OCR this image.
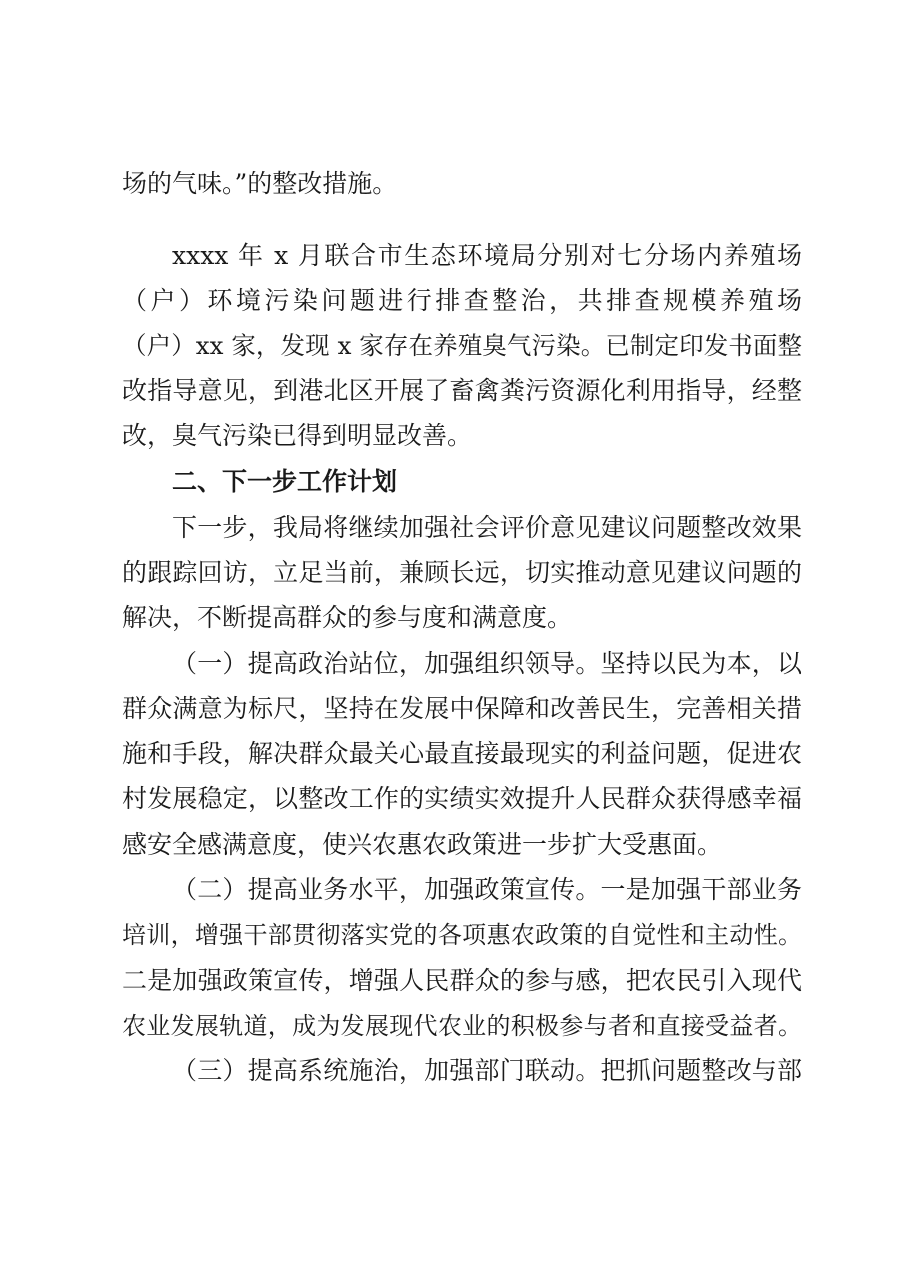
场的气味。”的整改措施。
xxxx 年 x 月联合市生态环境局分别对七分场内养殖场
（户）环境污染问题进行排查整治，共排查规模养殖场
（户）xx 家，发现 x 家存在养殖臭气污染。已制定印发书面整
改指导意见，到港北区开展了畜禽粪污资源化利用指导，经整
改，臭气污染已得到明显改善。
二、下一步工作计划
下一步，我局将继续加强社会评价意见建议问题整改效果
的跟踪回访，立足当前，兼顾长远，切实推动意见建议问题的
解决，不断提高群众的参与度和满意度。
（一）提高政治站位，加强组织领导。坚持以民为本，以
群众满意为标尺，坚持在发展中保障和改善民生，完善相关措
施和手段，解决群众最关心最直接最现实的利益问题，促进农
村发展稳定，以整改工作的实绩实效提升人民群众获得感幸福
感安全感满意度，使兴农惠农政策进一步扩大受惠面。
（二）提高业务水平，加强政策宣传。一是加强干部业务
培训，增强干部贯彻落实党的各项惠农政策的自觉性和主动性。
二是加强政策宣传，增强人民群众的参与感，把农民引入现代
农业发展轨道，成为发展现代农业的积极参与者和直接受益者。
（三）提高系统施治，加强部门联动。把抓问题整改与部
